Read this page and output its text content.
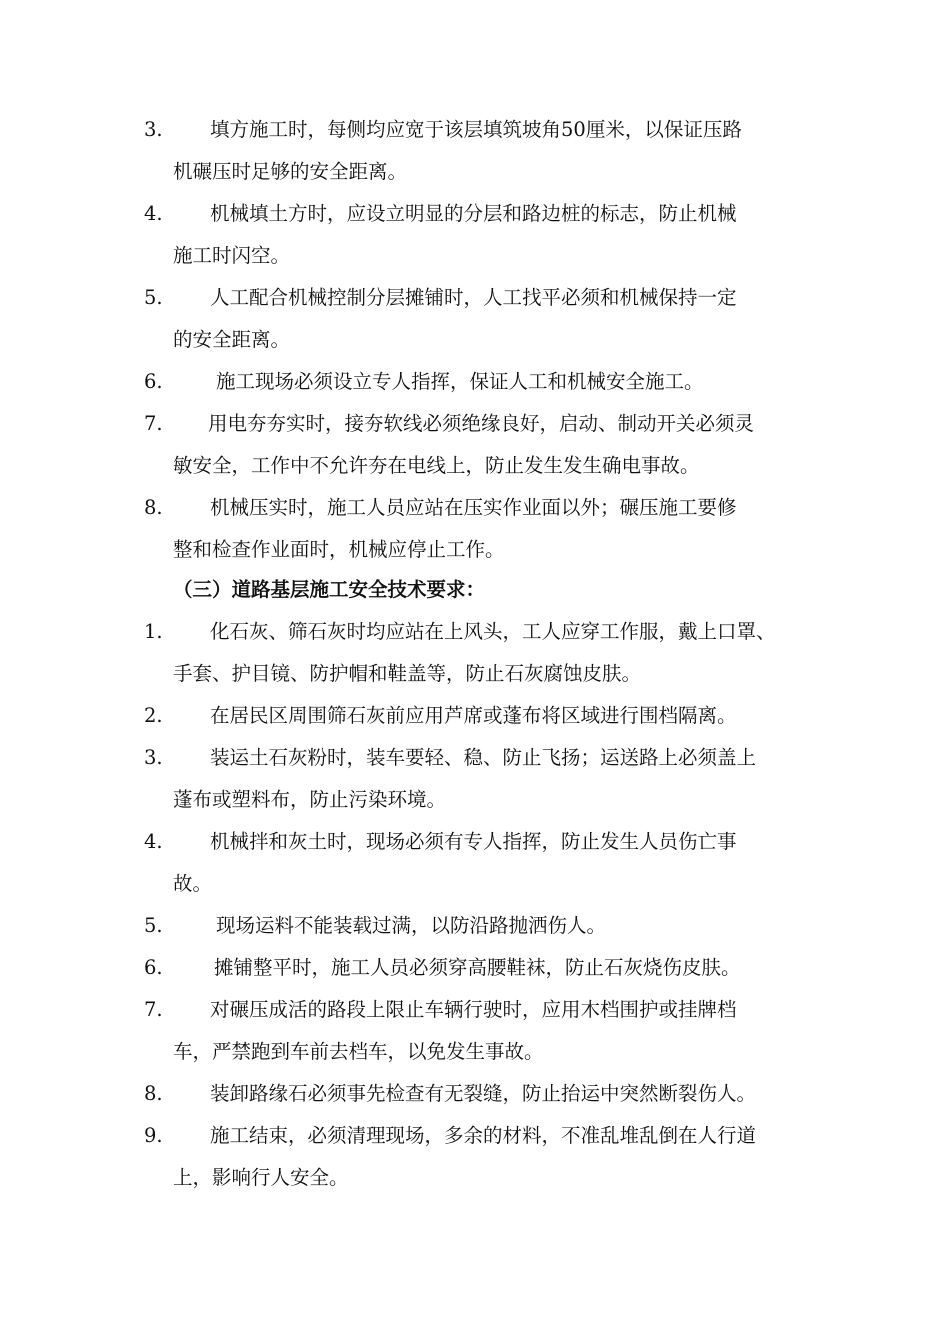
3. 填方施工时，每侧均应宽于该层填筑坡角50厘米，以保证压路
机碾压时足够的安全距离。
4. 机械填土方时，应设立明显的分层和路边桩的标志，防止机械
施工时闪空。
5. 人工配合机械控制分层摊铺时，人工找平必须和机械保持一定
的安全距离。
6.	施工现场必须设立专人指挥，保证人工和机械安全施工。
7. 用电夯夯实时，接夯软线必须绝缘良好，启动、制动开关必须灵
敏安全，工作中不允许夯在电线上，防止发生发生确电事故。
8. 机械压实时，施工人员应站在压实作业面以外；碾压施工要修
整和检查作业面时，机械应停止工作。
（三）道路基层施工安全技术要求：
1. 化石灰、筛石灰时均应站在上风头，工人应穿工作服，戴上口罩、
手套、护目镜、防护帽和鞋盖等，防止石灰腐蚀皮肤。
2. 在居民区周围筛石灰前应用芦席或蓬布将区域进行围档隔离。
3. 装运土石灰粉时，装车要轻、稳、防止飞扬；运送路上必须盖上
蓬布或塑料布，防止污染环境。
4. 机械拌和灰土时，现场必须有专人指挥，防止发生人员伤亡事
故。
5.	现场运料不能装载过满，以防沿路抛洒伤人。
6.	摊铺整平时，施工人员必须穿高腰鞋袜，防止石灰烧伤皮肤。
7. 对碾压成活的路段上限止车辆行驶时，应用木档围护或挂牌档
车，严禁跑到车前去档车，以免发生事故。
8. 装卸路缘石必须事先检查有无裂缝，防止抬运中突然断裂伤人。
9. 施工结束，必须清理现场，多余的材料，不准乱堆乱倒在人行道
上，影响行人安全。
